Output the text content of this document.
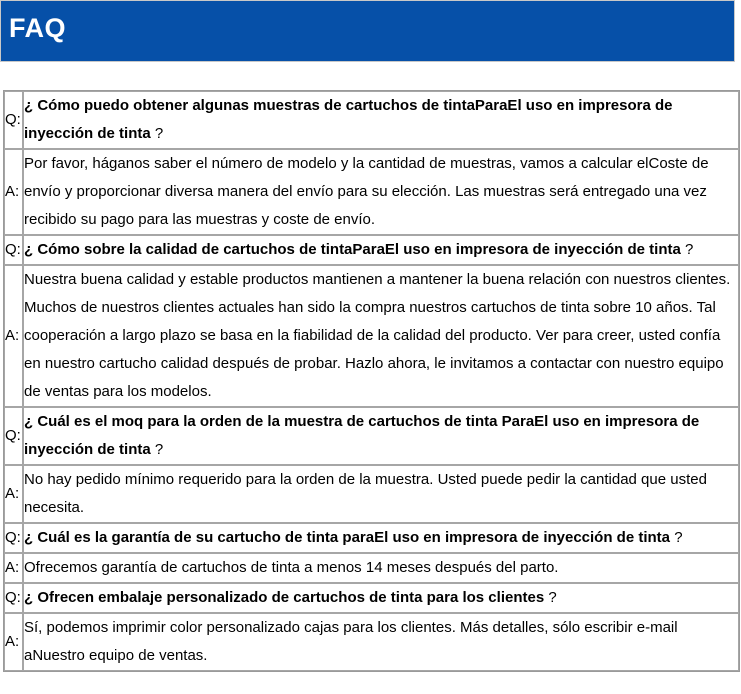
FAQ
Q:	¿ Cómo puedo obtener algunas muestras de cartuchos de tintaParaEl uso en impresora de inyección de tinta ?
A:	Por favor, háganos saber el número de modelo y la cantidad de muestras, vamos a calcular elCoste de envío y proporcionar diversa manera del envío para su elección. Las muestras será entregado una vez recibido su pago para las muestras y coste de envío.
Q:	¿ Cómo sobre la calidad de cartuchos de tintaParaEl uso en impresora de inyección de tinta ?
A:	Nuestra buena calidad y estable productos mantienen a mantener la buena relación con nuestros clientes. Muchos de nuestros clientes actuales han sido la compra nuestros cartuchos de tinta sobre 10 años. Tal cooperación a largo plazo se basa en la fiabilidad de la calidad del producto. Ver para creer, usted confía en nuestro cartucho calidad después de probar. Hazlo ahora, le invitamos a contactar con nuestro equipo de ventas para los modelos.
Q:	¿ Cuál es el moq para la orden de la muestra de cartuchos de tinta ParaEl uso en impresora de inyección de tinta ?
A:	No hay pedido mínimo requerido para la orden de la muestra. Usted puede pedir la cantidad que usted necesita.
Q:	¿ Cuál es la garantía de su cartucho de tinta paraEl uso en impresora de inyección de tinta ?
A:	Ofrecemos garantía de cartuchos de tinta a menos 14 meses después del parto.
Q:	¿ Ofrecen embalaje personalizado de cartuchos de tinta para los clientes ?
A:	Sí, podemos imprimir color personalizado cajas para los clientes. Más detalles, sólo escribir e-mail aNuestro equipo de ventas.
